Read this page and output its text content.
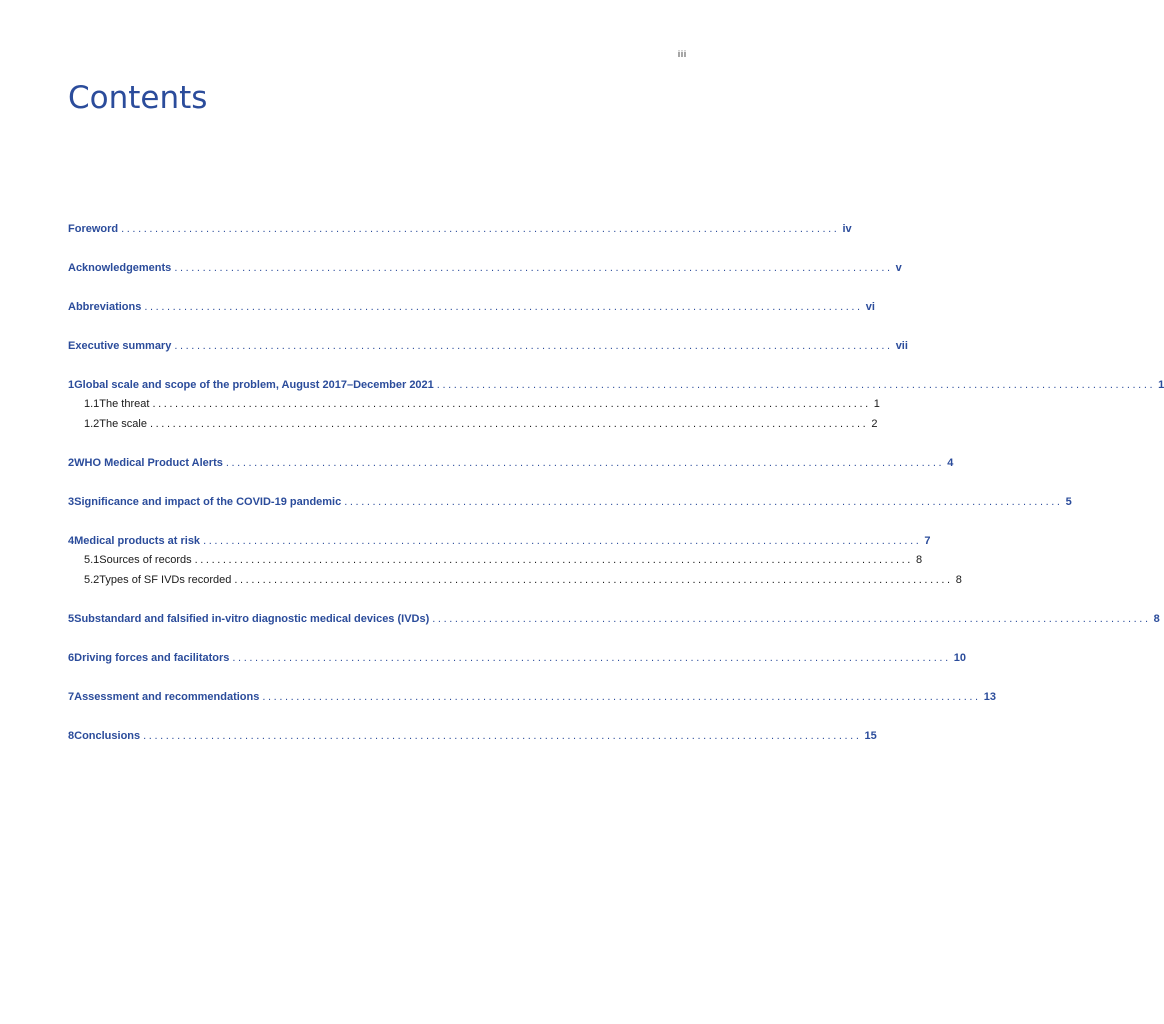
iii
Contents
Foreword ............................................................................................................................... iv
Acknowledgements ............................................................................................................................... v
Abbreviations ............................................................................................................................... vi
Executive summary ............................................................................................................................... vii
1 Global scale and scope of the problem, August 2017–December 2021 ............................................................................................................................... 1
1.1 The threat ............................................................................................................................... 1
1.2 The scale ............................................................................................................................... 2
2 WHO Medical Product Alerts ............................................................................................................................... 4
3 Significance and impact of the COVID-19 pandemic ............................................................................................................................... 5
4 Medical products at risk ............................................................................................................................... 7
5.1 Sources of records ............................................................................................................................... 8
5.2 Types of SF IVDs recorded ............................................................................................................................... 8
5 Substandard and falsified in-vitro diagnostic medical devices (IVDs) ............................................................................................................................... 8
6 Driving forces and facilitators ............................................................................................................................... 10
7 Assessment and recommendations ............................................................................................................................... 13
8 Conclusions ............................................................................................................................... 15
